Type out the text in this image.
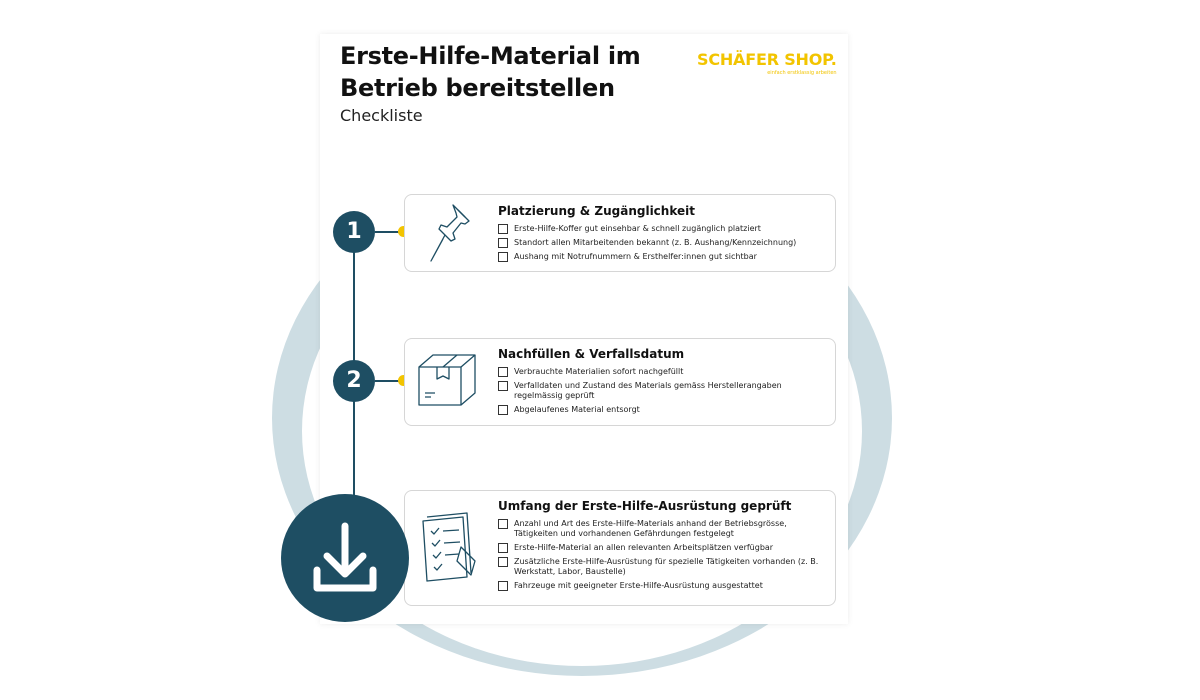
Erste-Hilfe-Material im Betrieb bereitstellen
Checkliste
SCHÄFER SHOP.
einfach erstklassig arbeiten
1
Platzierung & Zugänglichkeit
Erste-Hilfe-Koffer gut einsehbar & schnell zugänglich platziert
Standort allen Mitarbeitenden bekannt (z. B. Aushang/Kennzeichnung)
Aushang mit Notrufnummern & Ersthelfer:innen gut sichtbar
2
Nachfüllen & Verfallsdatum
Verbrauchte Materialien sofort nachgefüllt
Verfalldaten und Zustand des Materials gemäss Herstellerangaben regelmässig geprüft
Abgelaufenes Material entsorgt
Umfang der Erste-Hilfe-Ausrüstung geprüft
Anzahl und Art des Erste-Hilfe-Materials anhand der Betriebsgrösse, Tätigkeiten und vorhandenen Gefährdungen festgelegt
Erste-Hilfe-Material an allen relevanten Arbeitsplätzen verfügbar
Zusätzliche Erste-Hilfe-Ausrüstung für spezielle Tätigkeiten vorhanden (z. B. Werkstatt, Labor, Baustelle)
Fahrzeuge mit geeigneter Erste-Hilfe-Ausrüstung ausgestattet
